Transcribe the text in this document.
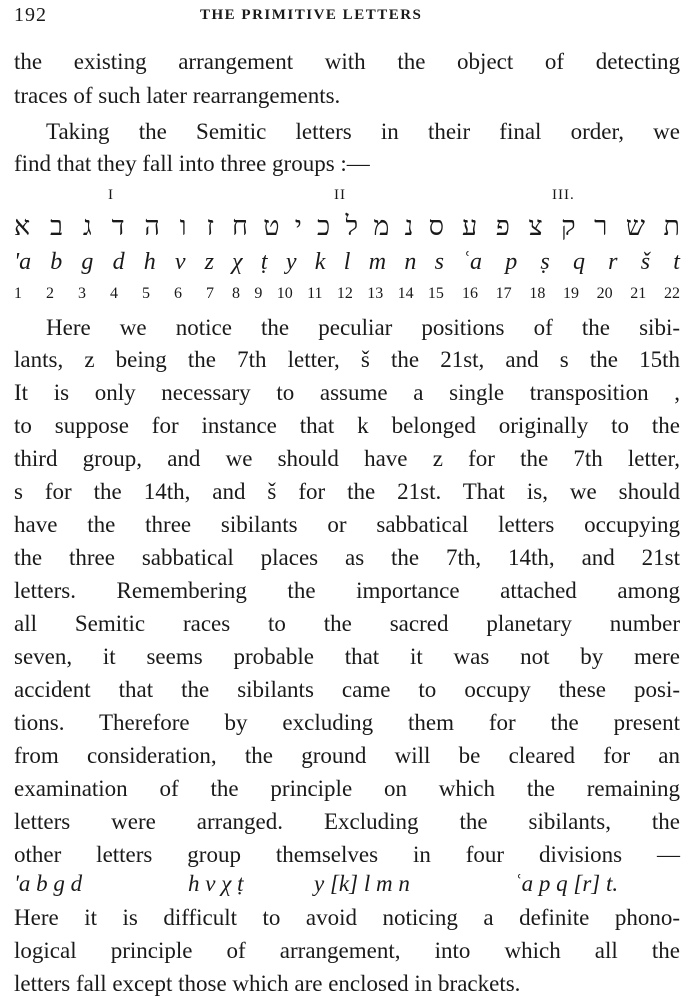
192	THE PRIMITIVE LETTERS
the existing arrangement with the object of detecting
traces of such later rearrangements.
Taking the Semitic letters in their final order, we
find that they fall into three groups :—
I	II	III.
א ב ג ד ה ו ז ח ט י כ ל מ נ ס ע פ צ ק ר ש ת
'a b g d h v z χ ṭ y k l m n s ʿa p ṣ q r š t
1 2 3 4 5 6 7 8 9 10 11 12 13 14 15 16 17 18 19 20 21 22
Here we notice the peculiar positions of the sibi-
lants, z being the 7th letter, š the 21st, and s the 15th
It is only necessary to assume a single transposition ,
to suppose for instance that k belonged originally to the
third group, and we should have z for the 7th letter,
s for the 14th, and š for the 21st. That is, we should
have the three sibilants or sabbatical letters occupying
the three sabbatical places as the 7th, 14th, and 21st
letters. Remembering the importance attached among
all Semitic races to the sacred planetary number
seven, it seems probable that it was not by mere
accident that the sibilants came to occupy these posi-
tions. Therefore by excluding them for the present
from consideration, the ground will be cleared for an
examination of the principle on which the remaining
letters were arranged. Excluding the sibilants, the
other letters group themselves in four divisions —
'a b g d	h v χ ṭ	y [k] l m n	ʿa p q [r] t.
Here it is difficult to avoid noticing a definite phono-
logical principle of arrangement, into which all the
letters fall except those which are enclosed in brackets.
